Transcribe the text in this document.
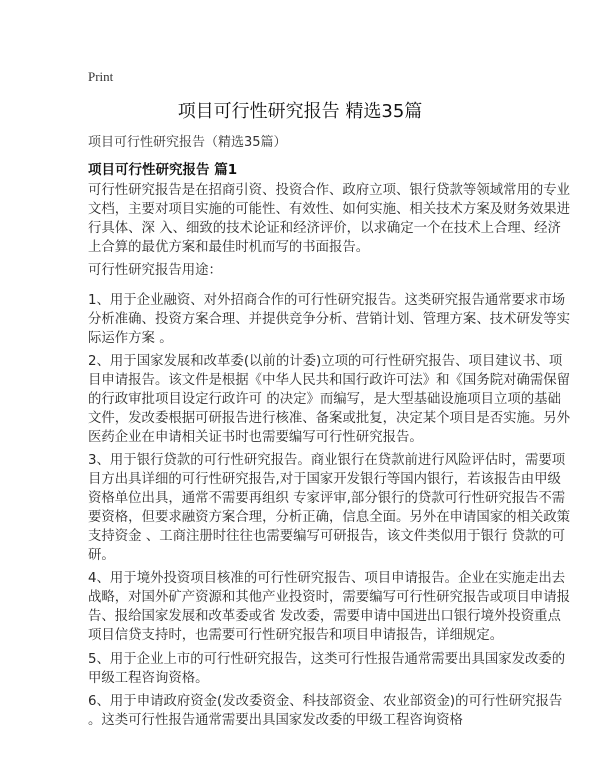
Print
项目可行性研究报告 精选35篇
项目可行性研究报告（精选35篇）
项目可行性研究报告 篇1
可行性研究报告是在招商引资、投资合作、政府立项、银行贷款等领域常用的专业
文档，主要对项目实施的可能性、有效性、如何实施、相关技术方案及财务效果进
行具体、深 入、细致的技术论证和经济评价，以求确定一个在技术上合理、经济
上合算的最优方案和最佳时机而写的书面报告。
可行性研究报告用途：
1、用于企业融资、对外招商合作的可行性研究报告。这类研究报告通常要求市场
分析准确、投资方案合理、并提供竞争分析、营销计划、管理方案、技术研发等实
际运作方案 。
2、用于国家发展和改革委(以前的计委)立项的可行性研究报告、项目建议书、项
目申请报告。该文件是根据《中华人民共和国行政许可法》和《国务院对确需保留
的行政审批项目设定行政许可 的决定》而编写，是大型基础设施项目立项的基础
文件，发改委根据可研报告进行核准、备案或批复，决定某个项目是否实施。另外
医药企业在申请相关证书时也需要编写可行性研究报告。
3、用于银行贷款的可行性研究报告。商业银行在贷款前进行风险评估时，需要项
目方出具详细的可行性研究报告,对于国家开发银行等国内银行，若该报告由甲级
资格单位出具，通常不需要再组织 专家评审,部分银行的贷款可行性研究报告不需
要资格，但要求融资方案合理，分析正确，信息全面。另外在申请国家的相关政策
支持资金 、工商注册时往往也需要编写可研报告，该文件类似用于银行 贷款的可
研。
4、用于境外投资项目核准的可行性研究报告、项目申请报告。企业在实施走出去
战略，对国外矿产资源和其他产业投资时，需要编写可行性研究报告或项目申请报
告、报给国家发展和改革委或省 发改委，需要申请中国进出口银行境外投资重点
项目信贷支持时，也需要可行性研究报告和项目申请报告，详细规定。
5、用于企业上市的可行性研究报告，这类可行性报告通常需要出具国家发改委的
甲级工程咨询资格。
6、用于申请政府资金(发改委资金、科技部资金、农业部资金)的可行性研究报告
。这类可行性报告通常需要出具国家发改委的甲级工程咨询资格
